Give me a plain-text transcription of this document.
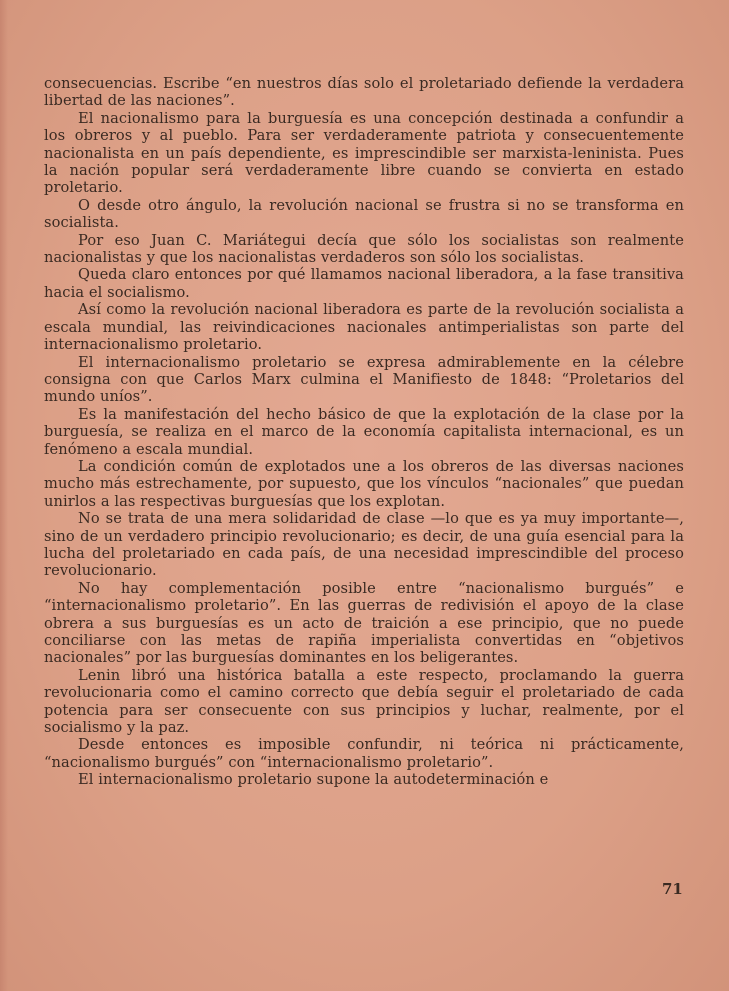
consecuencias. Escribe “en nuestros días solo el proletariado defiende la verdadera libertad de las naciones”.

El nacionalismo para la burguesía es una concepción destinada a confundir a los obreros y al pueblo. Para ser verdaderamente patriota y consecuentemente nacionalista en un país dependiente, es imprescindible ser marxista-leninista. Pues la nación popular será verdaderamente libre cuando se convierta en estado proletario.

O desde otro ángulo, la revolución nacional se frustra si no se transforma en socialista.

Por eso Juan C. Mariátegui decía que sólo los socialistas son realmente nacionalistas y que los nacionalistas verdaderos son sólo los socialistas.

Queda claro entonces por qué llamamos nacional liberadora, a la fase transitiva hacia el socialismo.

Así como la revolución nacional liberadora es parte de la revolución socialista a escala mundial, las reivindicaciones nacionales antimperialistas son parte del internacionalismo proletario.

El internacionalismo proletario se expresa admirablemente en la célebre consigna con que Carlos Marx culmina el Manifiesto de 1848: “Proletarios del mundo uníos”.

Es la manifestación del hecho básico de que la explotación de la clase por la burguesía, se realiza en el marco de la economía capitalista internacional, es un fenómeno a escala mundial.

La condición común de explotados une a los obreros de las diversas naciones mucho más estrechamente, por supuesto, que los vínculos “nacionales” que puedan unirlos a las respectivas burguesías que los explotan.

No se trata de una mera solidaridad de clase —lo que es ya muy importante—, sino de un verdadero principio revolucionario; es decir, de una guía esencial para la lucha del proletariado en cada país, de una necesidad imprescindible del proceso revolucionario.

No hay complementación posible entre “nacionalismo burgués” e “internacionalismo proletario”. En las guerras de redivisión el apoyo de la clase obrera a sus burguesías es un acto de traición a ese principio, que no puede conciliarse con las metas de rapiña imperialista convertidas en “objetivos nacionales” por las burguesías dominantes en los beligerantes.

Lenin libró una histórica batalla a este respecto, proclamando la guerra revolucionaria como el camino correcto que debía seguir el proletariado de cada potencia para ser consecuente con sus principios y luchar, realmente, por el socialismo y la paz.

Desde entonces es imposible confundir, ni teórica ni prácticamente, “nacionalismo burgués” con “internacionalismo proletario”.

El internacionalismo proletario supone la autodeterminación e

71
